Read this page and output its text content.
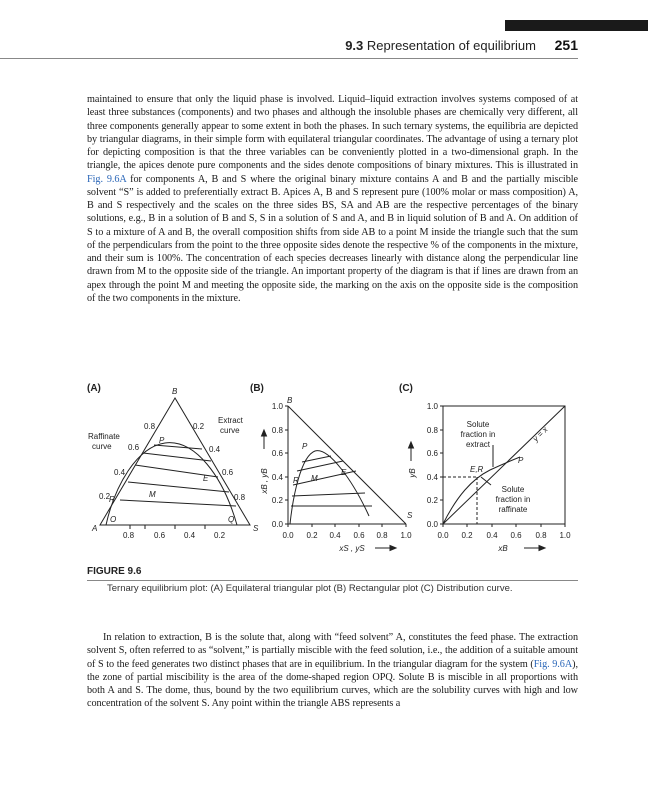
9.3 Representation of equilibrium 251

maintained to ensure that only the liquid phase is involved. Liquid–liquid extraction involves systems composed of at least three substances (components) and two phases and although the insoluble phases are chemically very different, all three components generally appear to some extent in both the phases. In such ternary systems, the equilibria are depicted by triangular diagrams, in their simple form with equilateral triangular coordinates. The advantage of using a ternary plot for depicting composition is that the three variables can be conveniently plotted in a two-dimensional graph. In the triangle, the apices denote pure components and the sides denote compositions of binary mixtures. This is illustrated in Fig. 9.6A for components A, B and S where the original binary mixture contains A and B and the partially miscible solvent “S” is added to preferentially extract B. Apices A, B and S represent pure (100% molar or mass composition) A, B and S respectively and the scales on the three sides BS, SA and AB are the respective percentages of the binary solutions, e.g., B in a solution of B and S, S in a solution of S and A, and B in liquid solution of B and A. On addition of S to a mixture of A and B, the overall composition shifts from side AB to a point M inside the triangle such that the sum of the perpendiculars from the point to the three opposite sides denote the respective % of the components in the mixture, and their sum is 100%. The concentration of each species decreases linearly with distance along the perpendicular line drawn from M to the opposite side of the triangle. An important property of the diagram is that if lines are drawn from an apex through the point M and meeting the opposite side, the marking on the axis on the opposite side is the composition of the two components in the mixture.

(A)	B
A	S
P
E
M
R
O	Q
Raffinate
curve
Extract
curve
0.8
0.6
0.4
0.2
0.2
0.4
0.6
0.8
0.8 0.6 0.4 0.2
(B)
B
S
P
R M
E
0.0
0.2
0.4
0.6
0.8
1.0
0.0 0.2 0.4 0.6 0.8 1.0
xB , yB
xS , yS
(C)
0.0
0.2
0.4
0.6
0.8
1.0
0.0 0.2 0.4 0.6 0.8 1.0
yB
xB
y = x
E,R
P
Solute
fraction in
extract
Solute
fraction in
raffinate
FIGURE 9.6
Ternary equilibrium plot: (A) Equilateral triangular plot (B) Rectangular plot (C) Distribution curve.

In relation to extraction, B is the solute that, along with “feed solvent” A, constitutes the feed phase. The extraction solvent S, often referred to as “solvent,” is partially miscible with the feed solution, i.e., the addition of a suitable amount of S to the feed generates two distinct phases that are in equilibrium. In the triangular diagram for the system (Fig. 9.6A), the zone of partial miscibility is the area of the dome-shaped region OPQ. Solute B is miscible in all proportions with both A and S. The dome, thus, bound by the two equilibrium curves, which are the solubility curves with high and low concentration of the solvent S. Any point within the triangle ABS represents a
